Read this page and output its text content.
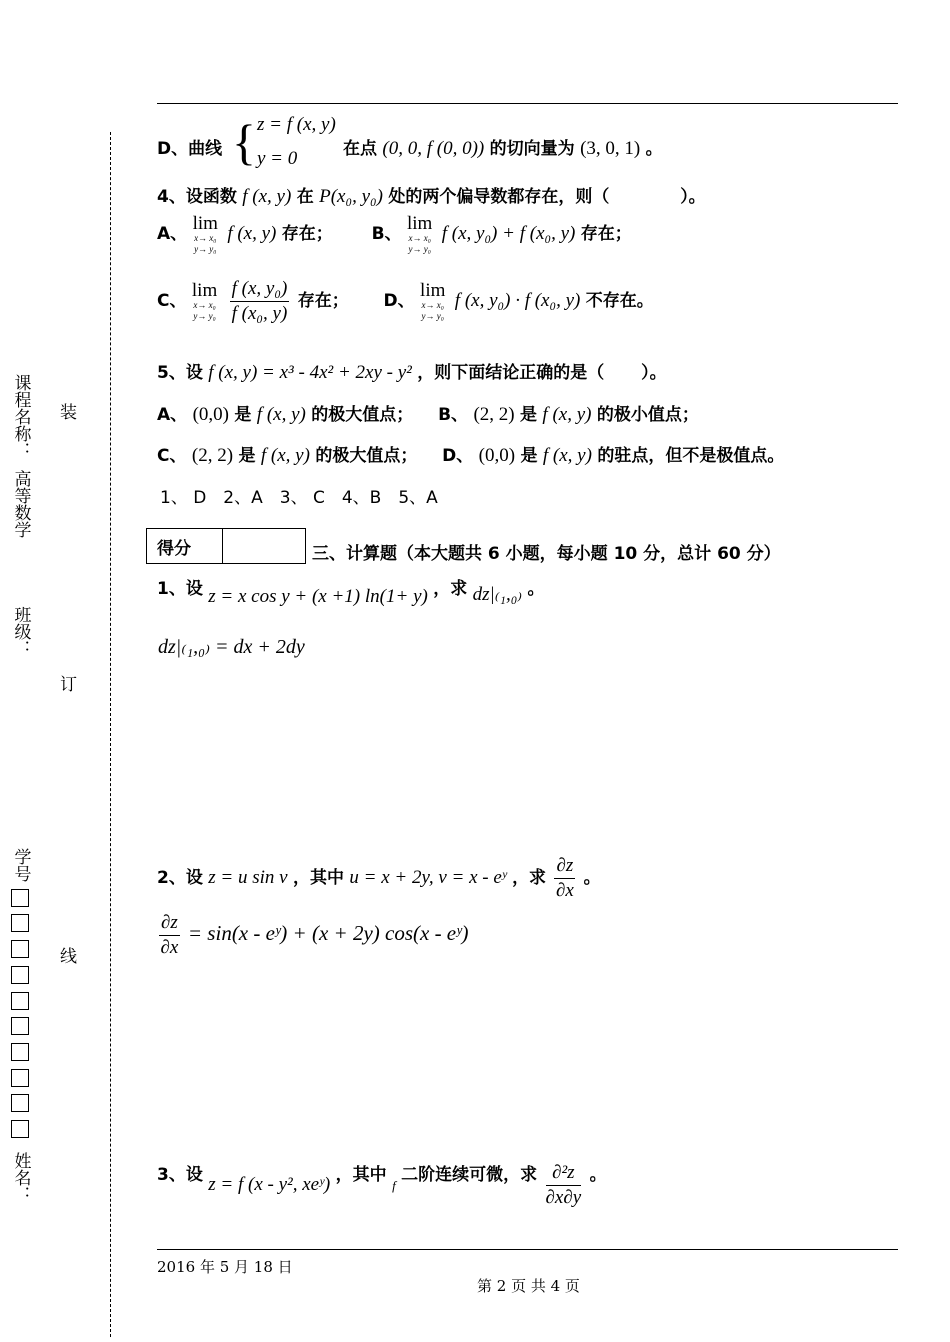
课程名称：
高等数学
班级：
学号
姓名：
装
订
线
D、曲线 { z = f (x, y)
y = 0	在点 (0, 0, f (0, 0)) 的切向量为 (3, 0, 1) 。
4、设函数 f (x, y) 在 P(x₀, y₀) 处的两个偏导数都存在，则（	）。
A、 lim
x→ x₀
y→ y₀
f (x, y) 存在； B、 lim
x→ x₀
y→ y₀
f (x, y₀) + f (x₀, y) 存在；
C、 lim
x→ x₀
y→ y₀
$\frac{\text{f (x, y₀)}}{\text{f (x₀, y)}}$ 存在； D、 lim
x→ x₀
y→ y₀
f (x, y₀) · f (x₀, y) 不存在。
5、设 f (x, y) = x³ - 4x² + 2xy - y² ，则下面结论正确的是（ ）。
A、 (0,0) 是 f (x, y) 的极大值点； B、 (2, 2) 是 f (x, y) 的极小值点；
C、 (2, 2) 是 f (x, y) 的极大值点； D、 (0,0) 是 f (x, y) 的驻点，但不是极值点。
1、 D　2、A　3、 C　4、B　5、A
得分		三、计算题（本大题共 6 小题，每小题 10 分，总计 60 分）
1、设 z = x cos y + (x +1) ln(1+ y) ，求 dz|₍₁,₀₎ 。
dz|₍₁,₀₎ = dx + 2dy
2、设 z = u sin v ，其中 u = x + 2y, v = x - eʸ ，求 $\frac{\partial z}{\partial x}$ 。
$\frac{\partial z}{\partial x} = \sin(x$ - eʸ) + (x + 2y) cos(x - eʸ)
3、设 z = f (x - y², xeʸ) ，其中 $_f$ 二阶连续可微，求 $\frac{\text{∂²z}}{\partial x\partial y}$ 。
2016 年 5 月 18 日
第 2 页 共 4 页
